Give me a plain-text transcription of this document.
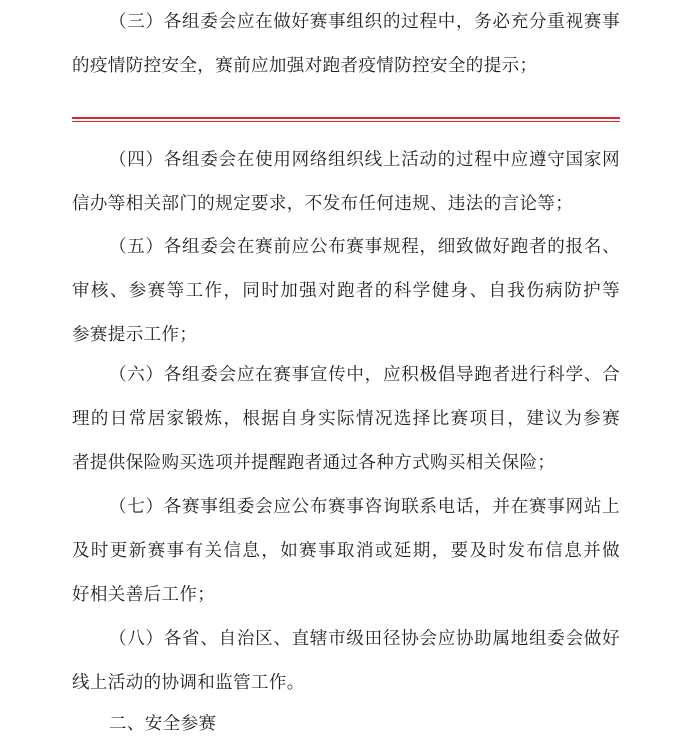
（三）各组委会应在做好赛事组织的过程中，务必充分重视赛事
的疫情防控安全，赛前应加强对跑者疫情防控安全的提示；
（四）各组委会在使用网络组织线上活动的过程中应遵守国家网
信办等相关部门的规定要求，不发布任何违规、违法的言论等；
（五）各组委会在赛前应公布赛事规程，细致做好跑者的报名、
审核、参赛等工作，同时加强对跑者的科学健身、自我伤病防护等
参赛提示工作；
（六）各组委会应在赛事宣传中，应积极倡导跑者进行科学、合
理的日常居家锻炼，根据自身实际情况选择比赛项目，建议为参赛
者提供保险购买选项并提醒跑者通过各种方式购买相关保险；
（七）各赛事组委会应公布赛事咨询联系电话，并在赛事网站上
及时更新赛事有关信息，如赛事取消或延期，要及时发布信息并做
好相关善后工作；
（八）各省、自治区、直辖市级田径协会应协助属地组委会做好
线上活动的协调和监管工作。
二、安全参赛
